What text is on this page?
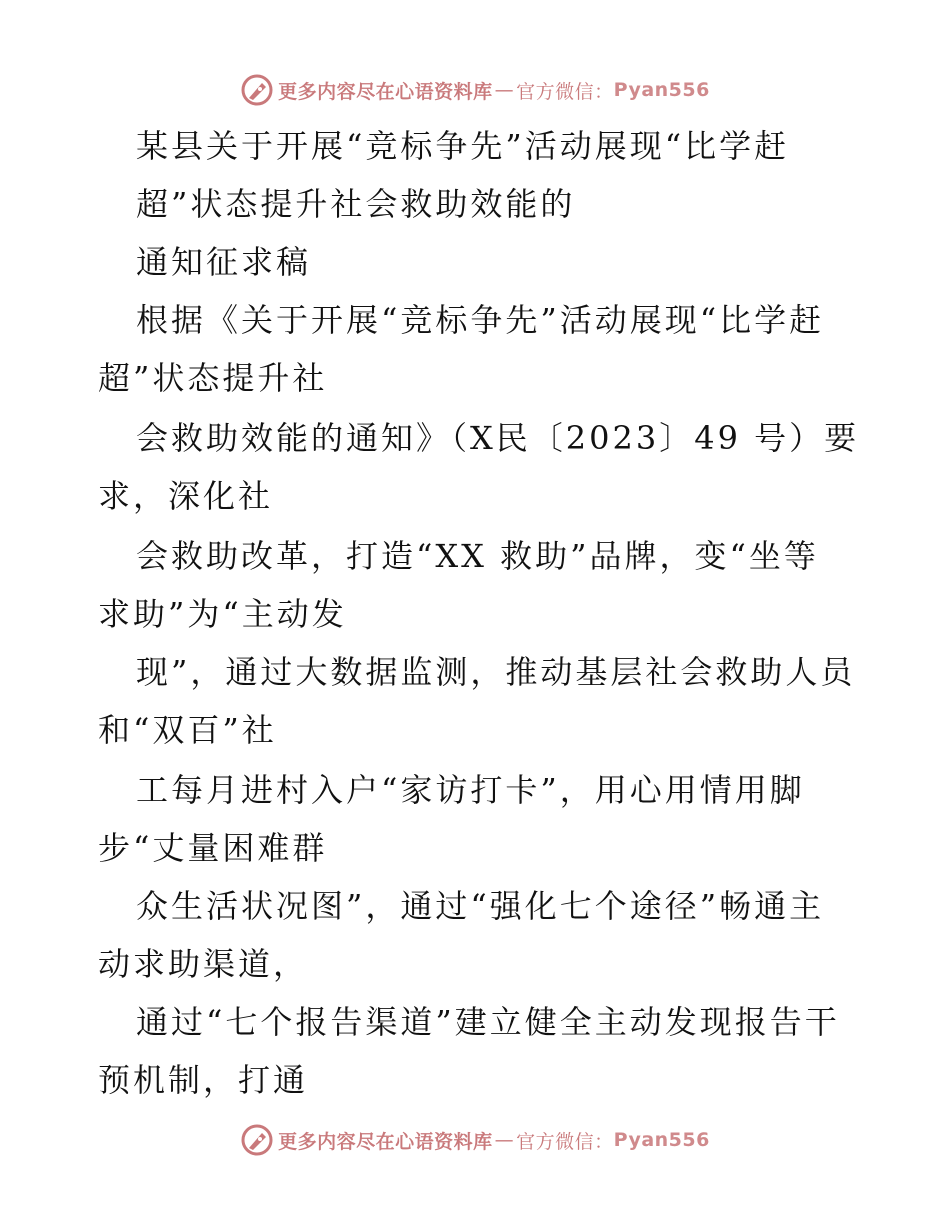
更多内容尽在心语资料库 — 官方微信： Pyan556
某县关于开展“竞标争先”活动展现“比学赶
超”状态提升社会救助效能的
通知征求稿
根据《关于开展“竞标争先”活动展现“比学赶
超”状态提升社
会救助效能的通知》（X民〔2023〕49 号）要
求，深化社
会救助改革，打造“XX 救助”品牌，变“坐等
求助”为“主动发
现”，通过大数据监测，推动基层社会救助人员
和“双百”社
工每月进村入户“家访打卡”，用心用情用脚
步“丈量困难群
众生活状况图”，通过“强化七个途径”畅通主
动求助渠道，
通过“七个报告渠道”建立健全主动发现报告干
预机制，打通
更多内容尽在心语资料库 — 官方微信： Pyan556
